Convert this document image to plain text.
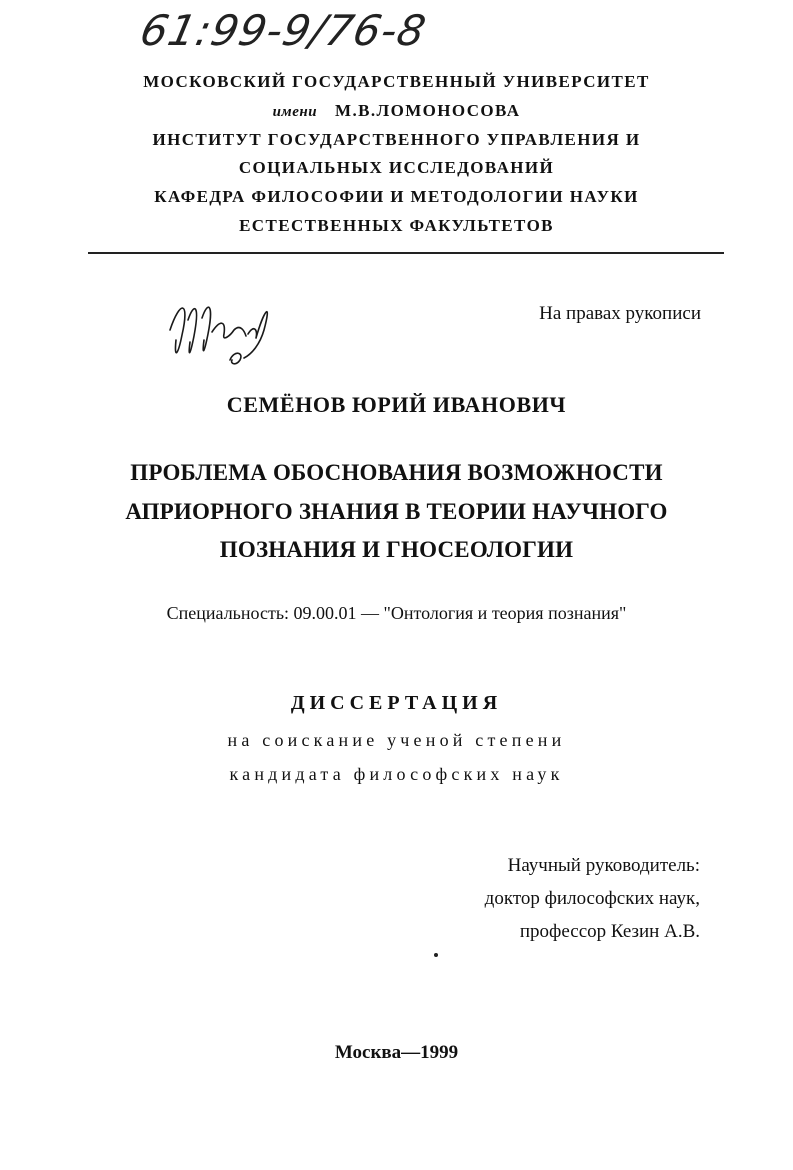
61:99-9/76-8
МОСКОВСКИЙ ГОСУДАРСТВЕННЫЙ УНИВЕРСИТЕТ
имени М.В.ЛОМОНОСОВА
ИНСТИТУТ ГОСУДАРСТВЕННОГО УПРАВЛЕНИЯ И
СОЦИАЛЬНЫХ ИССЛЕДОВАНИЙ
КАФЕДРА ФИЛОСОФИИ И МЕТОДОЛОГИИ НАУКИ
ЕСТЕСТВЕННЫХ ФАКУЛЬТЕТОВ
На правах рукописи
СЕМЁНОВ ЮРИЙ ИВАНОВИЧ
ПРОБЛЕМА ОБОСНОВАНИЯ ВОЗМОЖНОСТИ
АПРИОРНОГО ЗНАНИЯ В ТЕОРИИ НАУЧНОГО
ПОЗНАНИЯ И ГНОСЕОЛОГИИ
Специальность: 09.00.01 — "Онтология и теория познания"
ДИССЕРТАЦИЯ
на соискание ученой степени
кандидата философских наук
Научный руководитель:
доктор философских наук,
профессор Кезин А.В.
Москва—1999
